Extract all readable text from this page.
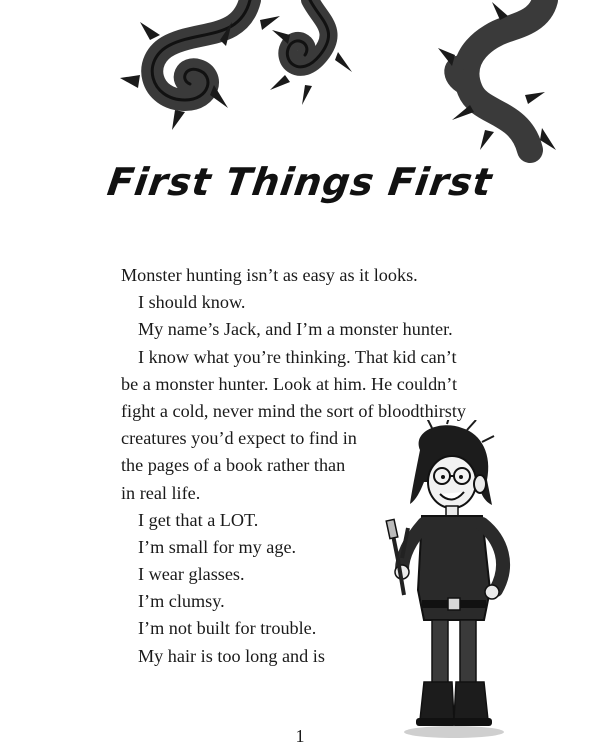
First Things First
Monster hunting isn’t as easy as it looks.
I should know.
My name’s Jack, and I’m a monster hunter.
I know what you’re thinking. That kid can’t
be a monster hunter. Look at him. He couldn’t
fight a cold, never mind the sort of bloodthirsty
creatures you’d expect to find in
the pages of a book rather than
in real life.
I get that a LOT.
I’m small for my age.
I wear glasses.
I’m clumsy.
I’m not built for trouble.
My hair is too long and is
1
